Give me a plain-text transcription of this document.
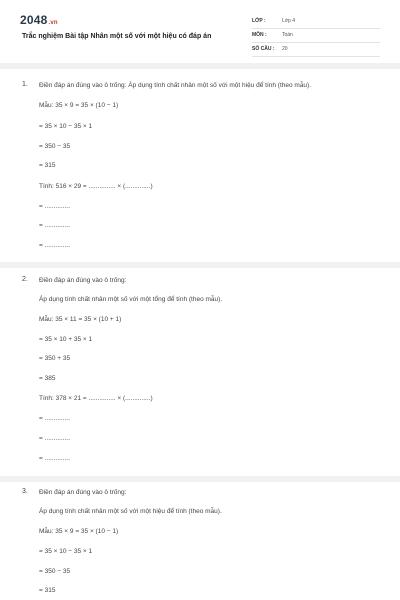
2048.vn
Trắc nghiệm Bài tập Nhân một số với một hiệu có đáp án
LỚP :	Lớp 4
MÔN :	Toán
SỐ CÂU : 20
1. Điền đáp án đúng vào ô trống: Áp dụng tính chất nhân một số với một hiệu để tính (theo mẫu).
Mẫu: 35 × 9 = 35 × (10 − 1)
= 35 × 10 − 35 × 1
= 350 − 35
= 315
Tính: 516 × 29 = ............... × (..............)
= ..............
= ..............
= ..............
2. Điền đáp án đúng vào ô trống:
Áp dụng tính chất nhân một số với một tổng để tính (theo mẫu).
Mẫu: 35 × 11 = 35 × (10 + 1)
= 35 × 10 + 35 × 1
= 350 + 35
= 385
Tính: 378 × 21 = ............... × (..............)
= ..............
= ..............
= ..............
3. Điền đáp án đúng vào ô trống:
Áp dụng tính chất nhân một số với một hiệu để tính (theo mẫu).
Mẫu: 35 × 9 = 35 × (10 − 1)
= 35 × 10 − 35 × 1
= 350 − 35
= 315
